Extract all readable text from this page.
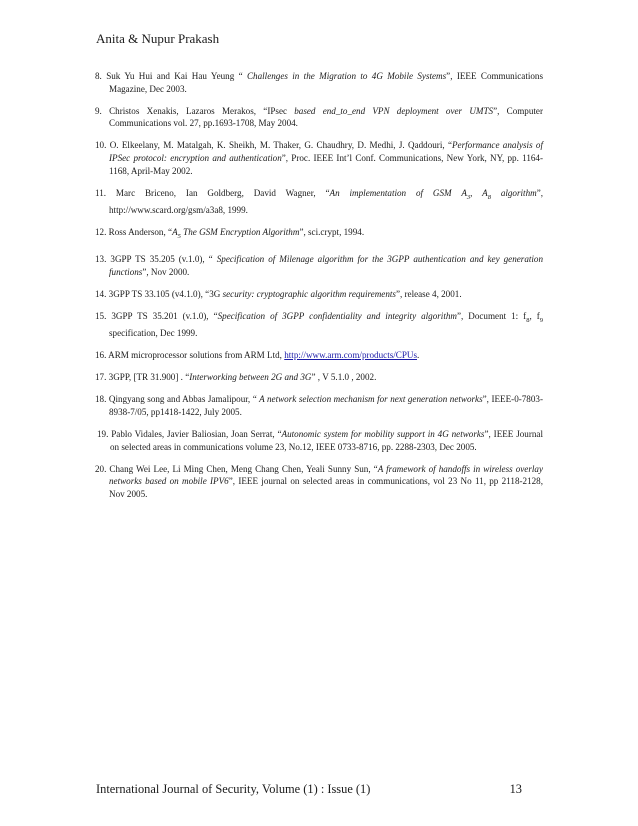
Anita & Nupur Prakash
8. Suk Yu Hui and Kai Hau Yeung “ Challenges in the Migration to 4G Mobile Systems”, IEEE Communications Magazine, Dec 2003.
9. Christos Xenakis, Lazaros Merakos, “IPsec based end_to_end VPN deployment over UMTS”, Computer Communications vol. 27, pp.1693-1708, May 2004.
10. O. Elkeelany, M. Matalgah, K. Sheikh, M. Thaker, G. Chaudhry, D. Medhi, J. Qaddouri, “Performance analysis of IPSec protocol: encryption and authentication”, Proc. IEEE Int’l Conf. Communications, New York, NY, pp. 1164-1168, April-May 2002.
11. Marc Briceno, Ian Goldberg, David Wagner, “An implementation of GSM $A_3$, $A_8$ algorithm”, http://www.scard.org/gsm/a3a8, 1999.
12. Ross Anderson, “$A_5$ The GSM Encryption Algorithm”, sci.crypt, 1994.
13. 3GPP TS 35.205 (v.1.0), “ Specification of Milenage algorithm for the 3GPP authentication and key generation functions”, Nov 2000.
14. 3GPP TS 33.105 (v4.1.0), “3G security: cryptographic algorithm requirements”, release 4, 2001.
15. 3GPP TS 35.201 (v.1.0), “Specification of 3GPP confidentiality and integrity algorithm”, Document 1: $f_8$, $f_9$ specification, Dec 1999.
16. ARM microprocessor solutions from ARM Ltd, http://www.arm.com/products/CPUs.
17. 3GPP, [TR 31.900] . “Interworking between 2G and 3G” , V 5.1.0 , 2002.
18. Qingyang song and Abbas Jamalipour, “ A network selection mechanism for next generation networks”, IEEE-0-7803-8938-7/05, pp1418-1422, July 2005.
19. Pablo Vidales, Javier Baliosian, Joan Serrat, “Autonomic system for mobility support in 4G networks”, IEEE Journal on selected areas in communications volume 23, No.12, IEEE 0733-8716, pp. 2288-2303, Dec 2005.
20. Chang Wei Lee, Li Ming Chen, Meng Chang Chen, Yeali Sunny Sun, “A framework of handoffs in wireless overlay networks based on mobile IPV6”, IEEE journal on selected areas in communications, vol 23 No 11, pp 2118-2128, Nov 2005.
International Journal of Security, Volume (1) : Issue (1)	13
